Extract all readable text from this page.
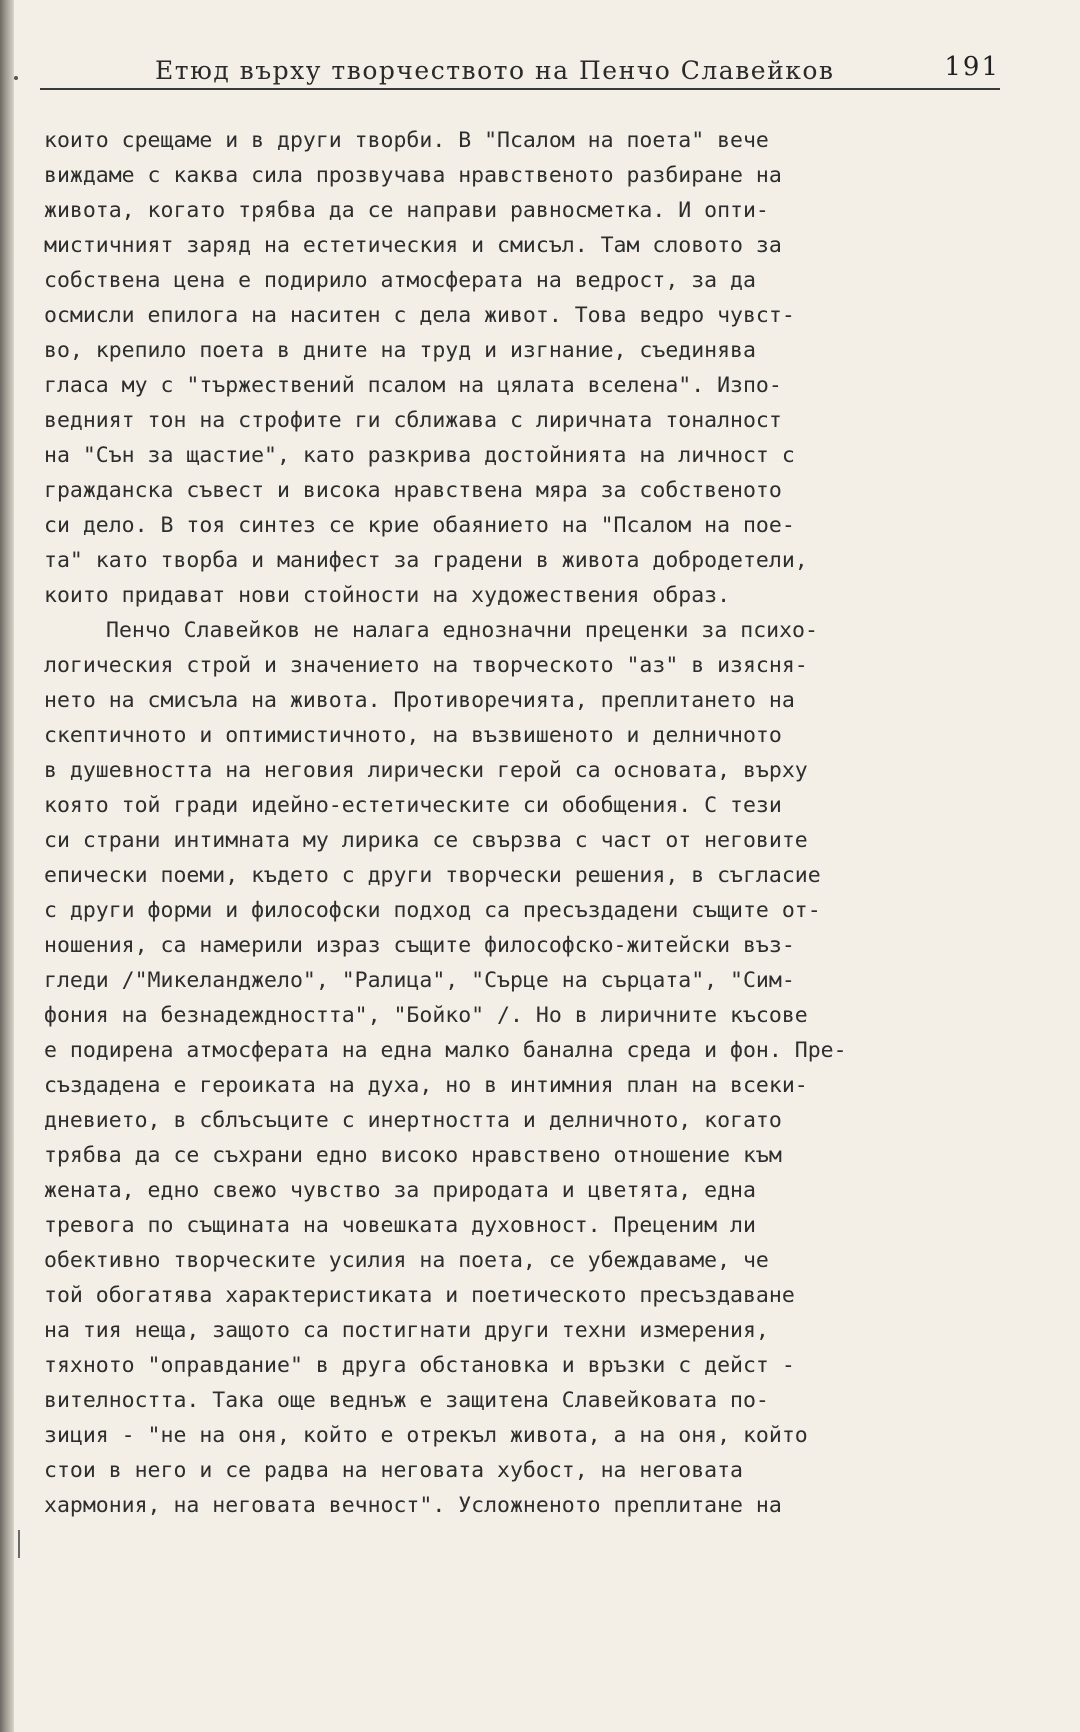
Етюд върху творчеството на Пенчо Славейков	191
които срещаме и в други творби. В "Псалом на поета" вече
виждаме с каква сила прозвучава нравственото разбиране на
живота, когато трябва да се направи равносметка. И опти-
мистичният заряд на естетическия и смисъл. Там словото за
собствена цена е подирило атмосферата на ведрост, за да
осмисли епилога на наситен с дела живот. Това ведро чувст-
во, крепило поета в дните на труд и изгнание, съединява
гласа му с "тържествений псалом на цялата вселена". Изпо-
ведният тон на строфите ги сближава с лиричната тоналност
на "Сън за щастие", като разкрива достойнията на личност с
гражданска съвест и висока нравствена мяра за собственото
си дело. В тоя синтез се крие обаянието на "Псалом на пое-
та" като творба и манифест за градени в живота добродетели,
които придават нови стойности на художествения образ.
Пенчо Славейков не налага еднозначни преценки за психо-
логическия строй и значението на творческото "аз" в изясня-
нето на смисъла на живота. Противоречията, преплитането на
скептичното и оптимистичното, на възвишеното и делничното
в душевността на неговия лирически герой са основата, върху
която той гради идейно-естетическите си обобщения. С тези
си страни интимната му лирика се свързва с част от неговите
епически поеми, където с други творчески решения, в съгласие
с други форми и философски подход са пресъздадени същите от-
ношения, са намерили израз същите философско-житейски въз-
гледи /"Микеланджело", "Ралица", "Сърце на сърцата", "Сим-
фония на безнадеждността", "Бойко" /. Но в лиричните късове
е подирена атмосферата на една малко банална среда и фон. Пре-
създадена е героиката на духа, но в интимния план на всеки-
дневието, в сблъсъците с инертността и делничното, когато
трябва да се съхрани едно високо нравствено отношение към
жената, едно свежо чувство за природата и цветята, една
тревога по същината на човешката духовност. Преценим ли
обективно творческите усилия на поета, се убеждаваме, че
той обогатява характеристиката и поетическото пресъздаване
на тия неща, защото са постигнати други техни измерения,
тяхното "оправдание" в друга обстановка и връзки с дейст -
вителността. Така още веднъж е защитена Славейковата по-
зиция - "не на оня, който е отрекъл живота, а на оня, който
стои в него и се радва на неговата хубост, на неговата
хармония, на неговата вечност". Усложненото преплитане на
